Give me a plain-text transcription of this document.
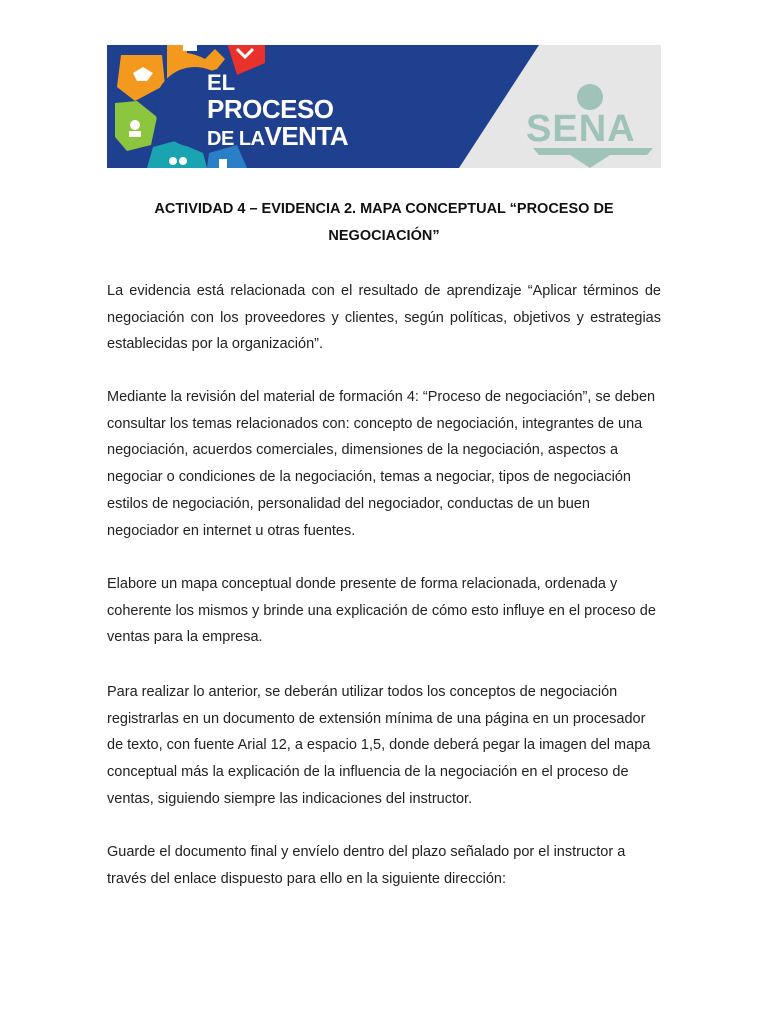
EL
PROCESO
DE LAVENTA	SENA
ACTIVIDAD 4 – EVIDENCIA 2. MAPA CONCEPTUAL “PROCESO DE NEGOCIACIÓN”

La evidencia está relacionada con el resultado de aprendizaje “Aplicar términos de negociación con los proveedores y clientes, según políticas, objetivos y estrategias establecidas por la organización”.

Mediante la revisión del material de formación 4: “Proceso de negociación”, se deben consultar los temas relacionados con: concepto de negociación, integrantes de una negociación, acuerdos comerciales, dimensiones de la negociación, aspectos a negociar o condiciones de la negociación, temas a negociar, tipos de negociación estilos de negociación, personalidad del negociador, conductas de un buen negociador en internet u otras fuentes.

Elabore un mapa conceptual donde presente de forma relacionada, ordenada y coherente los mismos y brinde una explicación de cómo esto influye en el proceso de ventas para la empresa.

Para realizar lo anterior, se deberán utilizar todos los conceptos de negociación registrarlas en un documento de extensión mínima de una página en un procesador de texto, con fuente Arial 12, a espacio 1,5, donde deberá pegar la imagen del mapa conceptual más la explicación de la influencia de la negociación en el proceso de ventas, siguiendo siempre las indicaciones del instructor.

Guarde el documento final y envíelo dentro del plazo señalado por el instructor a través del enlace dispuesto para ello en la siguiente dirección:
